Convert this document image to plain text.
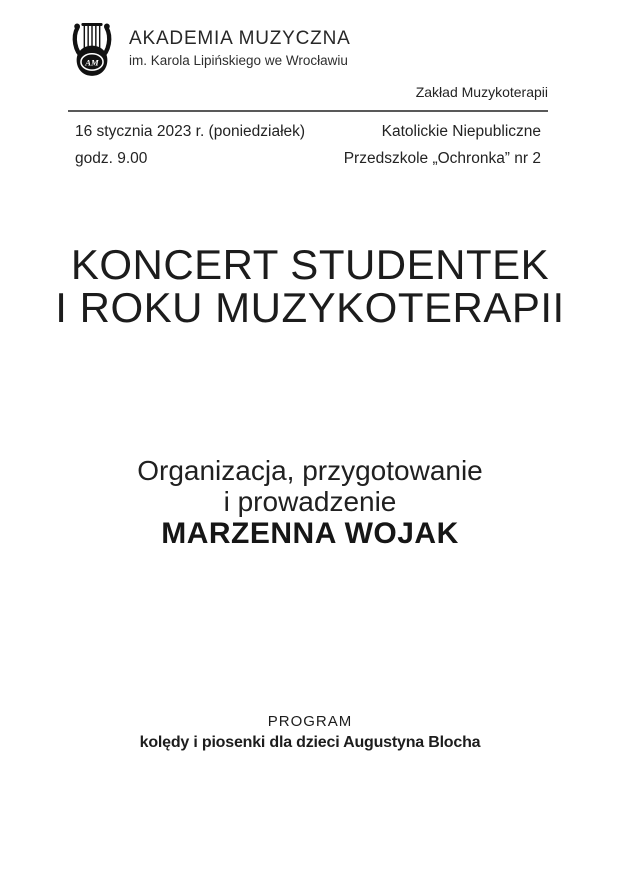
AM
AKADEMIA MUZYCZNA
im. Karola Lipińskiego we Wrocławiu
Zakład Muzykoterapii
16 stycznia 2023 r. (poniedziałek)
godz. 9.00
Katolickie Niepubliczne
Przedszkole „Ochronka” nr 2
KONCERT STUDENTEK
I ROKU MUZYKOTERAPII
Organizacja, przygotowanie
i prowadzenie
MARZENNA WOJAK
PROGRAM
kolędy i piosenki dla dzieci Augustyna Blocha
